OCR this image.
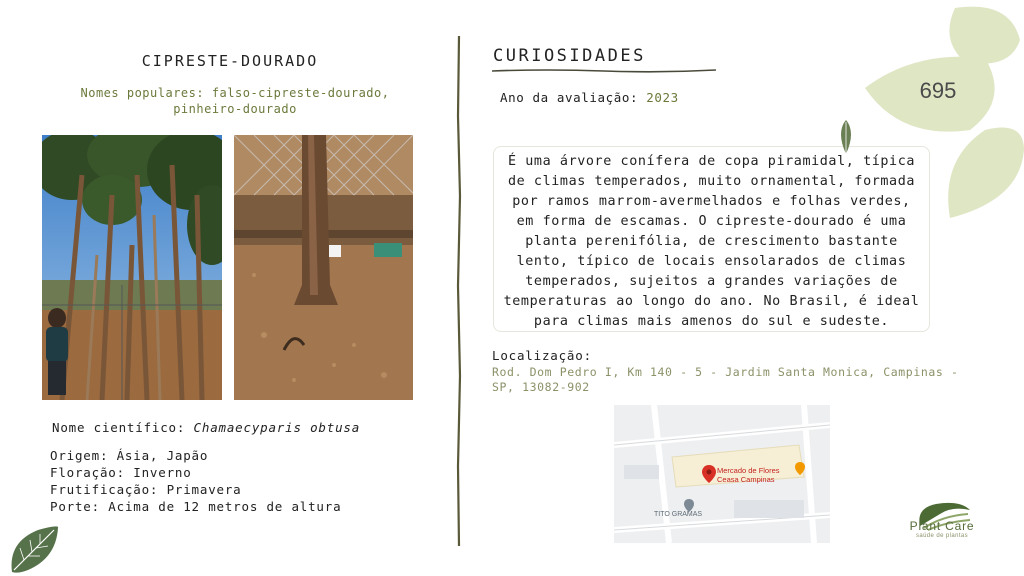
CIPRESTE-DOURADO
Nomes populares: falso-cipreste-dourado, pinheiro-dourado
Nome científico: Chamaecyparis obtusa
Origem: Ásia, Japão
Floração: Inverno
Frutificação: Primavera
Porte: Acima de 12 metros de altura
CURIOSIDADES
Ano da avaliação: 2023
É uma árvore conífera de copa piramidal, típica de climas temperados, muito ornamental, formada por ramos marrom-avermelhados e folhas verdes, em forma de escamas. O cipreste-dourado é uma planta perenifólia, de crescimento bastante lento, típico de locais ensolarados de climas temperados, sujeitos a grandes variações de temperaturas ao longo do ano. No Brasil, é ideal para climas mais amenos do sul e sudeste.
Localização:
Rod. Dom Pedro I, Km 140 - 5 - Jardim Santa Monica, Campinas - SP, 13082-902
Mercado de Flores
Ceasa Campinas
TITO GRAMAS
695
Plant Care
saúde de plantas
